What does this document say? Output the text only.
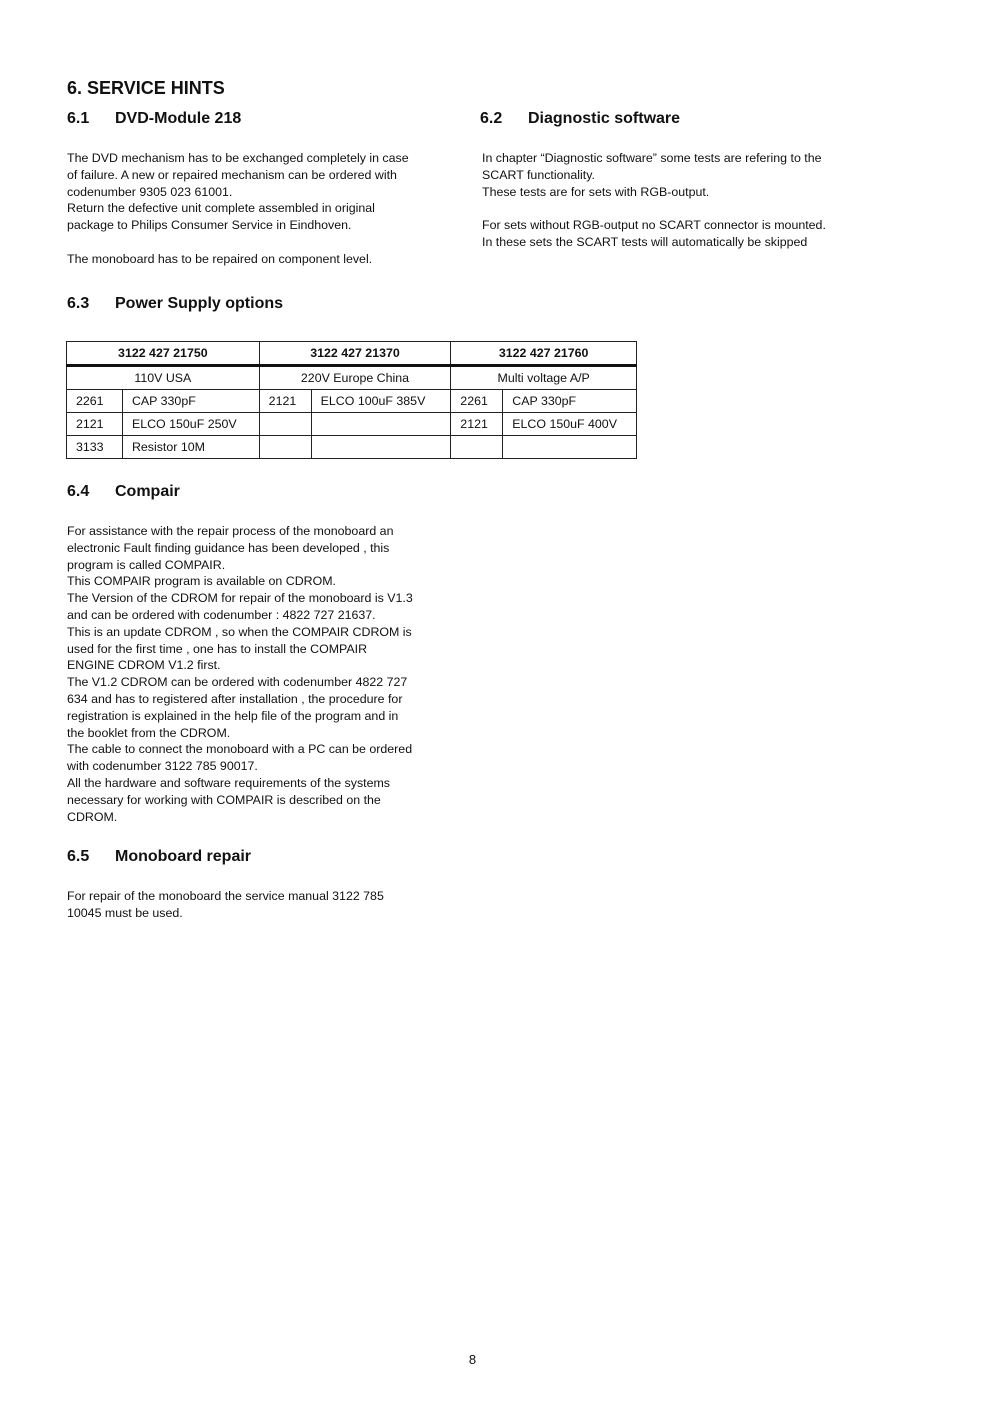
6. SERVICE HINTS
6.1 DVD-Module 218
The DVD mechanism has to be exchanged completely in case
of failure. A new or repaired mechanism can be ordered with
codenumber 9305 023 61001.
Return the defective unit complete assembled in original
package to Philips Consumer Service in Eindhoven.

The monoboard has to be repaired on component level.
6.2 Diagnostic software
In chapter “Diagnostic software” some tests are refering to the
SCART functionality.
These tests are for sets with RGB-output.

For sets without RGB-output no SCART connector is mounted.
In these sets the SCART tests will automatically be skipped
6.3 Power Supply options
3122 427 21750		3122 427 21370		3122 427 21760	
110V USA		220V Europe China		Multi voltage A/P	
2261	CAP 330pF	2121	ELCO 100uF 385V	2261	CAP 330pF
2121	ELCO 150uF 250V			2121	ELCO 150uF 400V
3133	Resistor 10M				
6.4 Compair
For assistance with the repair process of the monoboard an
electronic Fault finding guidance has been developed , this
program is called COMPAIR.
This COMPAIR program is available on CDROM.
The Version of the CDROM for repair of the monoboard is V1.3
and can be ordered with codenumber : 4822 727 21637.
This is an update CDROM , so when the COMPAIR CDROM is
used for the first time , one has to install the COMPAIR
ENGINE CDROM V1.2 first.
The V1.2 CDROM can be ordered with codenumber 4822 727
634 and has to registered after installation , the procedure for
registration is explained in the help file of the program and in
the booklet from the CDROM.
The cable to connect the monoboard with a PC can be ordered
with codenumber 3122 785 90017.
All the hardware and software requirements of the systems
necessary for working with COMPAIR is described on the
CDROM.
6.5 Monoboard repair
For repair of the monoboard the service manual 3122 785
10045 must be used.
8
